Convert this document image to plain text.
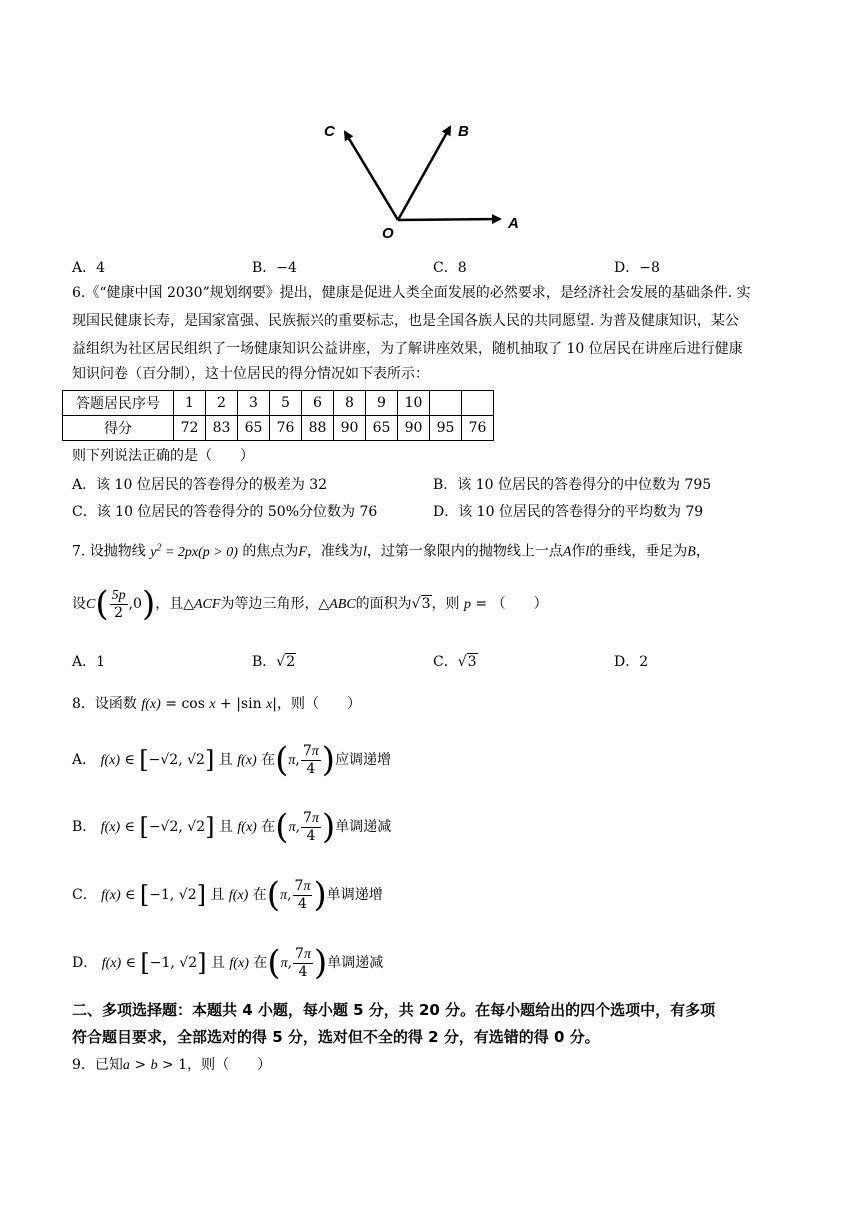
O
A
B
C
A．4	B．−4	C．8	D．−8
6.《“健康中国 2030”规划纲要》提出，健康是促进人类全面发展的必然要求，是经济社会发展的基础条件. 实
现国民健康长寿，是国家富强、民族振兴的重要标志，也是全国各族人民的共同愿望. 为普及健康知识，某公
益组织为社区居民组织了一场健康知识公益讲座，为了解讲座效果，随机抽取了 10 位居民在讲座后进行健康
知识问卷（百分制），这十位居民的得分情况如下表所示：
答题居民序号	1	2	3	5	6	8	9	10		
得分	72	83	65	76	88	90	65	90	95	76
则下列说法正确的是（　　）
A．该 10 位居民的答卷得分的极差为 32	B．该 10 位居民的答卷得分的中位数为 795
C．该 10 位居民的答卷得分的 50%分位数为 76	D．该 10 位居民的答卷得分的平均数为 79
7. 设抛物线 $y^2 = 2px(p > 0)$ 的焦点为F，准线为l，过第一象限内的抛物线上一点A作l的垂线，垂足为B，
设$C( \frac{5p}{2} ,0)$，且△ACF为等边三角形，△ABC的面积为√3，则 p = （　　）
A．1	B．√2	C．√3	D．2
8．设函数 f(x) = cos x + |sin x|，则（　　）
A． f(x) ∈ [−√2, √2] 且 f(x) 在(π, $\frac{7\pi}{4}$ )应调递增
B． f(x) ∈ [−√2, √2] 且 f(x) 在(π, $\frac{7\pi}{4}$ )单调递减
C． f(x) ∈ [−1, √2] 且 f(x) 在(π, $\frac{7\pi}{4}$ )单调递增
D． f(x) ∈ [−1, √2] 且 f(x) 在(π, $\frac{7\pi}{4}$ )单调递减
二、多项选择题：本题共 4 小题，每小题 5 分，共 20 分。在每小题给出的四个选项中，有多项
符合题目要求，全部选对的得 5 分，选对但不全的得 2 分，有选错的得 0 分。
9．已知a > b > 1，则（　　）
